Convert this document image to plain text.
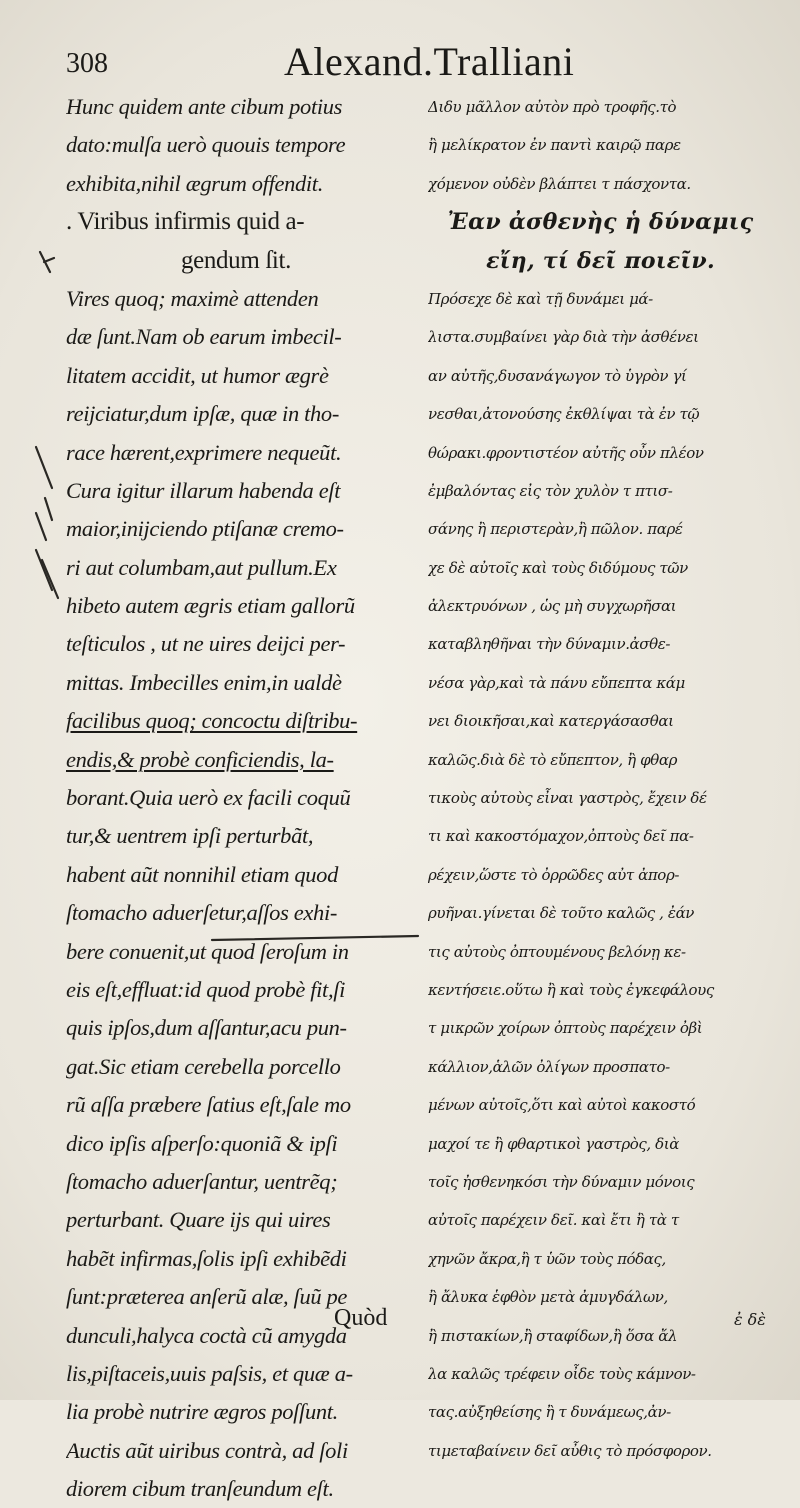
308	Alexand.Tralliani
Hunc quidem ante cibum potius
dato:mulſa uerò quouis tempore
exhibita,nihil ægrum offendit.
. Viribus infirmis quid a-
gendum ſit.
Vires quoq; maximè attenden
dæ ſunt.Nam ob earum imbecil-
litatem accidit, ut humor ægrè
reijciatur,dum ipſæ, quæ in tho-
race hærent,exprimere nequeũt.
Cura igitur illarum habenda eſt
maior,inijciendo ptiſanæ cremo-
ri aut columbam,aut pullum.Ex
hibeto autem ægris etiam gallorũ
teſticulos , ut ne uires deijci per-
mittas. Imbecilles enim,in ualdè
facilibus quoq; concoctu diſtribu-
endis,& probè conficiendis, la-
borant.Quia uerò ex facili coquũ
tur,& uentrem ipſi perturbãt,
habent aũt nonnihil etiam quod
ſtomacho aduerſetur,aſſos exhi-
bere conuenit,ut quod ſeroſum in
eis eſt,effluat:id quod probè fit,ſi
quis ipſos,dum aſſantur,acu pun-
gat.Sic etiam cerebella porcello
rũ aſſa præbere ſatius eſt,ſale mo
dico ipſis aſperſo:quoniã & ipſi
ſtomacho aduerſantur, uentrẽq;
perturbant. Quare ijs qui uires
habẽt infirmas,ſolis ipſi exhibẽdi
ſunt:præterea anſerũ alæ, ſuũ pe
dunculi,halyca coctà cũ amygda
lis,piſtaceis,uuis paſsis, et quæ a-
lia probè nutrire ægros poſſunt.
Auctis aũt uiribus contrà, ad ſoli
diorem cibum tranſeundum eſt.
Διδυ μᾶλλον αὐτὸν πρὸ τροφῆς.τὸ
ἢ μελίκρατον ἐν παντὶ καιρῷ παρε
χόμενον οὐδὲν βλάπτει τ πάσχοντα.
Ἐαν ἀσθενὴς ἡ δύναμις
εἴη, τί δεῖ ποιεῖν.
Πρόσεχε δὲ καὶ τῇ δυνάμει μά-
λιστα.συμβαίνει γὰρ διὰ τὴν ἀσθένει
αν αὐτῆς,δυσανάγωγον τὸ ὑγρὸν γί
νεσθαι,ἀτονούσης ἐκθλίψαι τὰ ἐν τῷ
θώρακι.φροντιστέον αὐτῆς οὖν πλέον
ἐμβαλόντας εἰς τὸν χυλὸν τ πτισ-
σάνης ἢ περιστερὰν,ἢ πῶλον. παρέ
χε δὲ αὐτοῖς καὶ τοὺς διδύμους τῶν
ἀλεκτρυόνων , ὡς μὴ συγχωρῆσαι
καταβληθῆναι τὴν δύναμιν.ἀσθε-
νέσα γὰρ,καὶ τὰ πάνυ εὔπεπτα κάμ
νει διοικῆσαι,καὶ κατεργάσασθαι
καλῶς.διὰ δὲ τὸ εὔπεπτον, ἢ φθαρ
τικοὺς αὐτοὺς εἶναι γαστρὸς, ἔχειν δέ
τι καὶ κακοστόμαχον,ὀπτοὺς δεῖ πα-
ρέχειν,ὥστε τὸ ὀρρῶδες αὐτ ἀπορ-
ρυῆναι.γίνεται δὲ τοῦτο καλῶς , ἐάν
τις αὐτοὺς ὀπτουμένους βελόνῃ κε-
κεντήσειε.οὕτω ἢ καὶ τοὺς ἐγκεφάλους
τ μικρῶν χοίρων ὀπτοὺς παρέχειν ὀβὶ
κάλλιον,ἁλῶν ὀλίγων προσπατο-
μένων αὐτοῖς,ὅτι καὶ αὐτοὶ κακοστό
μαχοί τε ἢ φθαρτικοὶ γαστρὸς, διὰ
τοῖς ἠσθενηκόσι τὴν δύναμιν μόνοις
αὐτοῖς παρέχειν δεῖ. καὶ ἔτι ἢ τὰ τ
χηνῶν ἄκρα,ἢ τ ὑῶν τοὺς πόδας,
ἢ ἄλυκα ἑφθὸν μετὰ ἀμυγδάλων,
ἢ πιστακίων,ἢ σταφίδων,ἢ ὅσα ἄλ
λα καλῶς τρέφειν οἶδε τοὺς κάμνον-
τας.αὐξηθείσης ἢ τ δυνάμεως,ἀν-
τιμεταβαίνειν δεῖ αὖθις τὸ πρόσφορον.
Quòd	ἐ δὲ
